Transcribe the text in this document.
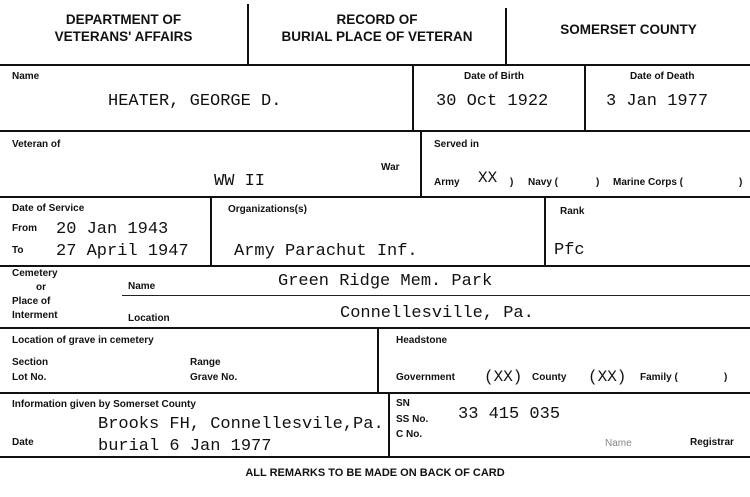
DEPARTMENT OF
VETERANS' AFFAIRS
RECORD OF
BURIAL PLACE OF VETERAN	SOMERSET COUNTY
Name
HEATER, GEORGE D.
Date of Birth
30 Oct 1922
Date of Death
3 Jan 1977
Veteran of
WW II
War
Served in
Army XX ) Navy (	) Marine Corps (	)
Date of Service
From 20 Jan 1943
To 27 April 1947
Organizations(s)
Army Parachut Inf.
Rank
Pfc
Cemetery
or
Place of
Interment
Name	Green Ridge Mem. Park
Location	Connellesville, Pa.
Location of grave in cemetery
Section
Lot No.
Range
Grave No.
Headstone
Government (XX) County (XX) Family (	)
Information given by Somerset County
Brooks FH, Connellesvile,Pa.
Date	burial 6 Jan 1977
SN
SS No. 33 415 035
C No.
Name	Registrar
ALL REMARKS TO BE MADE ON BACK OF CARD
